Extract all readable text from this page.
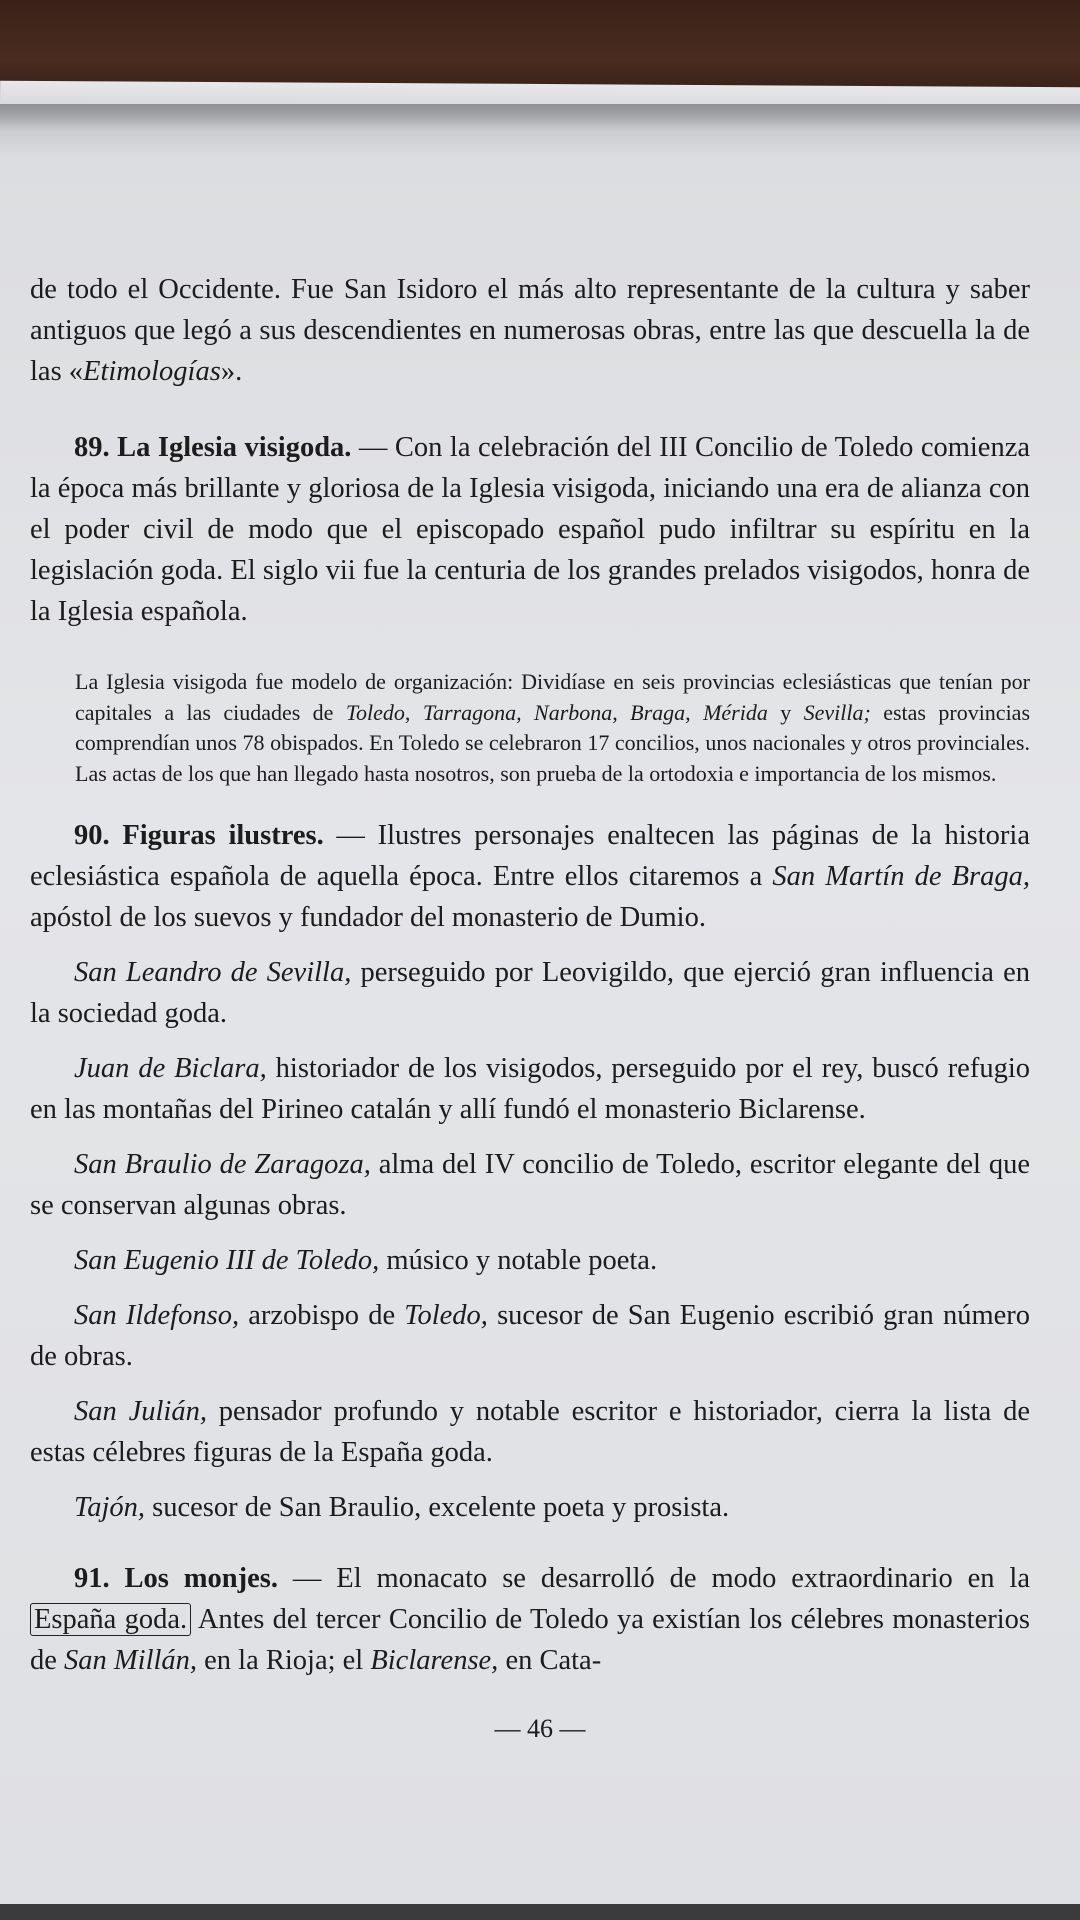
de todo el Occidente. Fue San Isidoro el más alto representante de la cultura y saber antiguos que legó a sus descendientes en numerosas obras, entre las que descuella la de las «Etimologías».

89. La Iglesia visigoda. — Con la celebración del III Concilio de Toledo comienza la época más brillante y gloriosa de la Iglesia visigoda, iniciando una era de alianza con el poder civil de modo que el episcopado español pudo infiltrar su espíritu en la legislación goda. El siglo vii fue la centuria de los grandes prelados visigodos, honra de la Iglesia española.

La Iglesia visigoda fue modelo de organización: Dividíase en seis provincias eclesiásticas que tenían por capitales a las ciudades de Toledo, Tarragona, Narbona, Braga, Mérida y Sevilla; estas provincias comprendían unos 78 obispados. En Toledo se celebraron 17 concilios, unos nacionales y otros provinciales. Las actas de los que han llegado hasta nosotros, son prueba de la ortodoxia e importancia de los mismos.

90. Figuras ilustres. — Ilustres personajes enaltecen las páginas de la historia eclesiástica española de aquella época. Entre ellos citaremos a San Martín de Braga, apóstol de los suevos y fundador del monasterio de Dumio.

San Leandro de Sevilla, perseguido por Leovigildo, que ejerció gran influencia en la sociedad goda.

Juan de Biclara, historiador de los visigodos, perseguido por el rey, buscó refugio en las montañas del Pirineo catalán y allí fundó el monasterio Biclarense.

San Braulio de Zaragoza, alma del IV concilio de Toledo, escritor elegante del que se conservan algunas obras.

San Eugenio III de Toledo, músico y notable poeta.

San Ildefonso, arzobispo de Toledo, sucesor de San Eugenio escribió gran número de obras.

San Julián, pensador profundo y notable escritor e historiador, cierra la lista de estas célebres figuras de la España goda.

Tajón, sucesor de San Braulio, excelente poeta y prosista.

91. Los monjes. — El monacato se desarrolló de modo extraordinario en la España goda. Antes del tercer Concilio de Toledo ya existían los célebres monasterios de San Millán, en la Rioja; el Biclarense, en Cata-

— 46 —
